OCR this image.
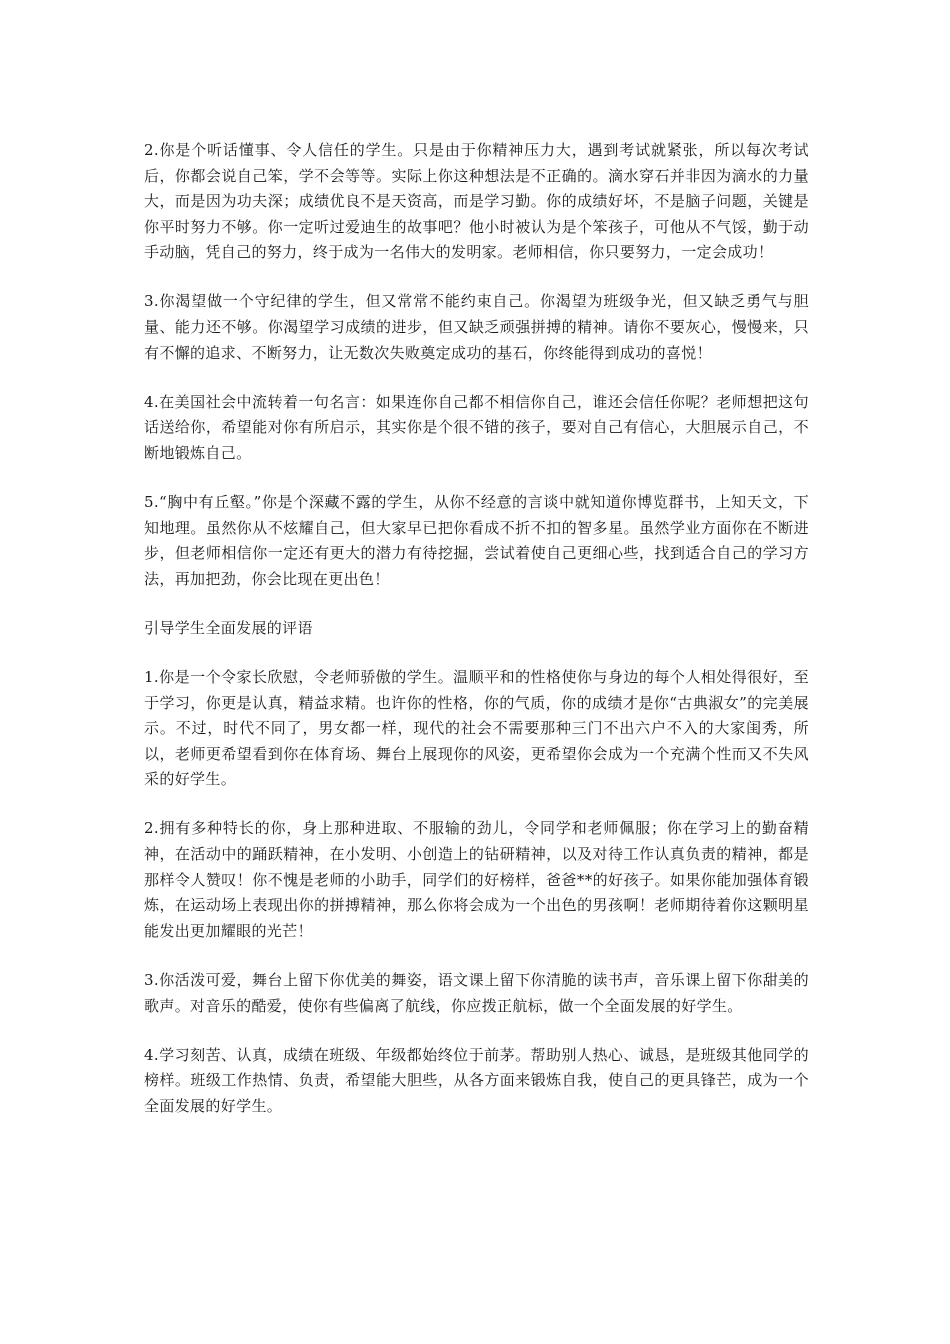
2.你是个听话懂事、令人信任的学生。只是由于你精神压力大，遇到考试就紧张，所以每次考试后，你都会说自己笨，学不会等等。实际上你这种想法是不正确的。滴水穿石并非因为滴水的力量大，而是因为功夫深；成绩优良不是天资高，而是学习勤。你的成绩好坏，不是脑子问题，关键是你平时努力不够。你一定听过爱迪生的故事吧？他小时被认为是个笨孩子，可他从不气馁，勤于动手动脑，凭自己的努力，终于成为一名伟大的发明家。老师相信，你只要努力，一定会成功！

3.你渴望做一个守纪律的学生，但又常常不能约束自己。你渴望为班级争光，但又缺乏勇气与胆量、能力还不够。你渴望学习成绩的进步，但又缺乏顽强拼搏的精神。请你不要灰心，慢慢来，只有不懈的追求、不断努力，让无数次失败奠定成功的基石，你终能得到成功的喜悦！

4.在美国社会中流转着一句名言：如果连你自己都不相信你自己，谁还会信任你呢？老师想把这句话送给你，希望能对你有所启示，其实你是个很不错的孩子，要对自己有信心，大胆展示自己，不断地锻炼自己。

5.“胸中有丘壑。”你是个深藏不露的学生，从你不经意的言谈中就知道你博览群书，上知天文，下知地理。虽然你从不炫耀自己，但大家早已把你看成不折不扣的智多星。虽然学业方面你在不断进步，但老师相信你一定还有更大的潜力有待挖掘，尝试着使自己更细心些，找到适合自己的学习方法，再加把劲，你会比现在更出色！

引导学生全面发展的评语

1.你是一个令家长欣慰，令老师骄傲的学生。温顺平和的性格使你与身边的每个人相处得很好，至于学习，你更是认真，精益求精。也许你的性格，你的气质，你的成绩才是你“古典淑女”的完美展示。不过，时代不同了，男女都一样，现代的社会不需要那种三门不出六户不入的大家闺秀，所以，老师更希望看到你在体育场、舞台上展现你的风姿，更希望你会成为一个充满个性而又不失风采的好学生。

2.拥有多种特长的你，身上那种进取、不服输的劲儿，令同学和老师佩服；你在学习上的勤奋精神，在活动中的踊跃精神，在小发明、小创造上的钻研精神，以及对待工作认真负责的精神，都是那样令人赞叹！你不愧是老师的小助手，同学们的好榜样，爸爸**的好孩子。如果你能加强体育锻炼，在运动场上表现出你的拼搏精神，那么你将会成为一个出色的男孩啊！老师期待着你这颗明星能发出更加耀眼的光芒！

3.你活泼可爱，舞台上留下你优美的舞姿，语文课上留下你清脆的读书声，音乐课上留下你甜美的歌声。对音乐的酷爱，使你有些偏离了航线，你应拨正航标，做一个全面发展的好学生。

4.学习刻苦、认真，成绩在班级、年级都始终位于前茅。帮助别人热心、诚恳，是班级其他同学的榜样。班级工作热情、负责，希望能大胆些，从各方面来锻炼自我，使自己的更具锋芒，成为一个全面发展的好学生。
